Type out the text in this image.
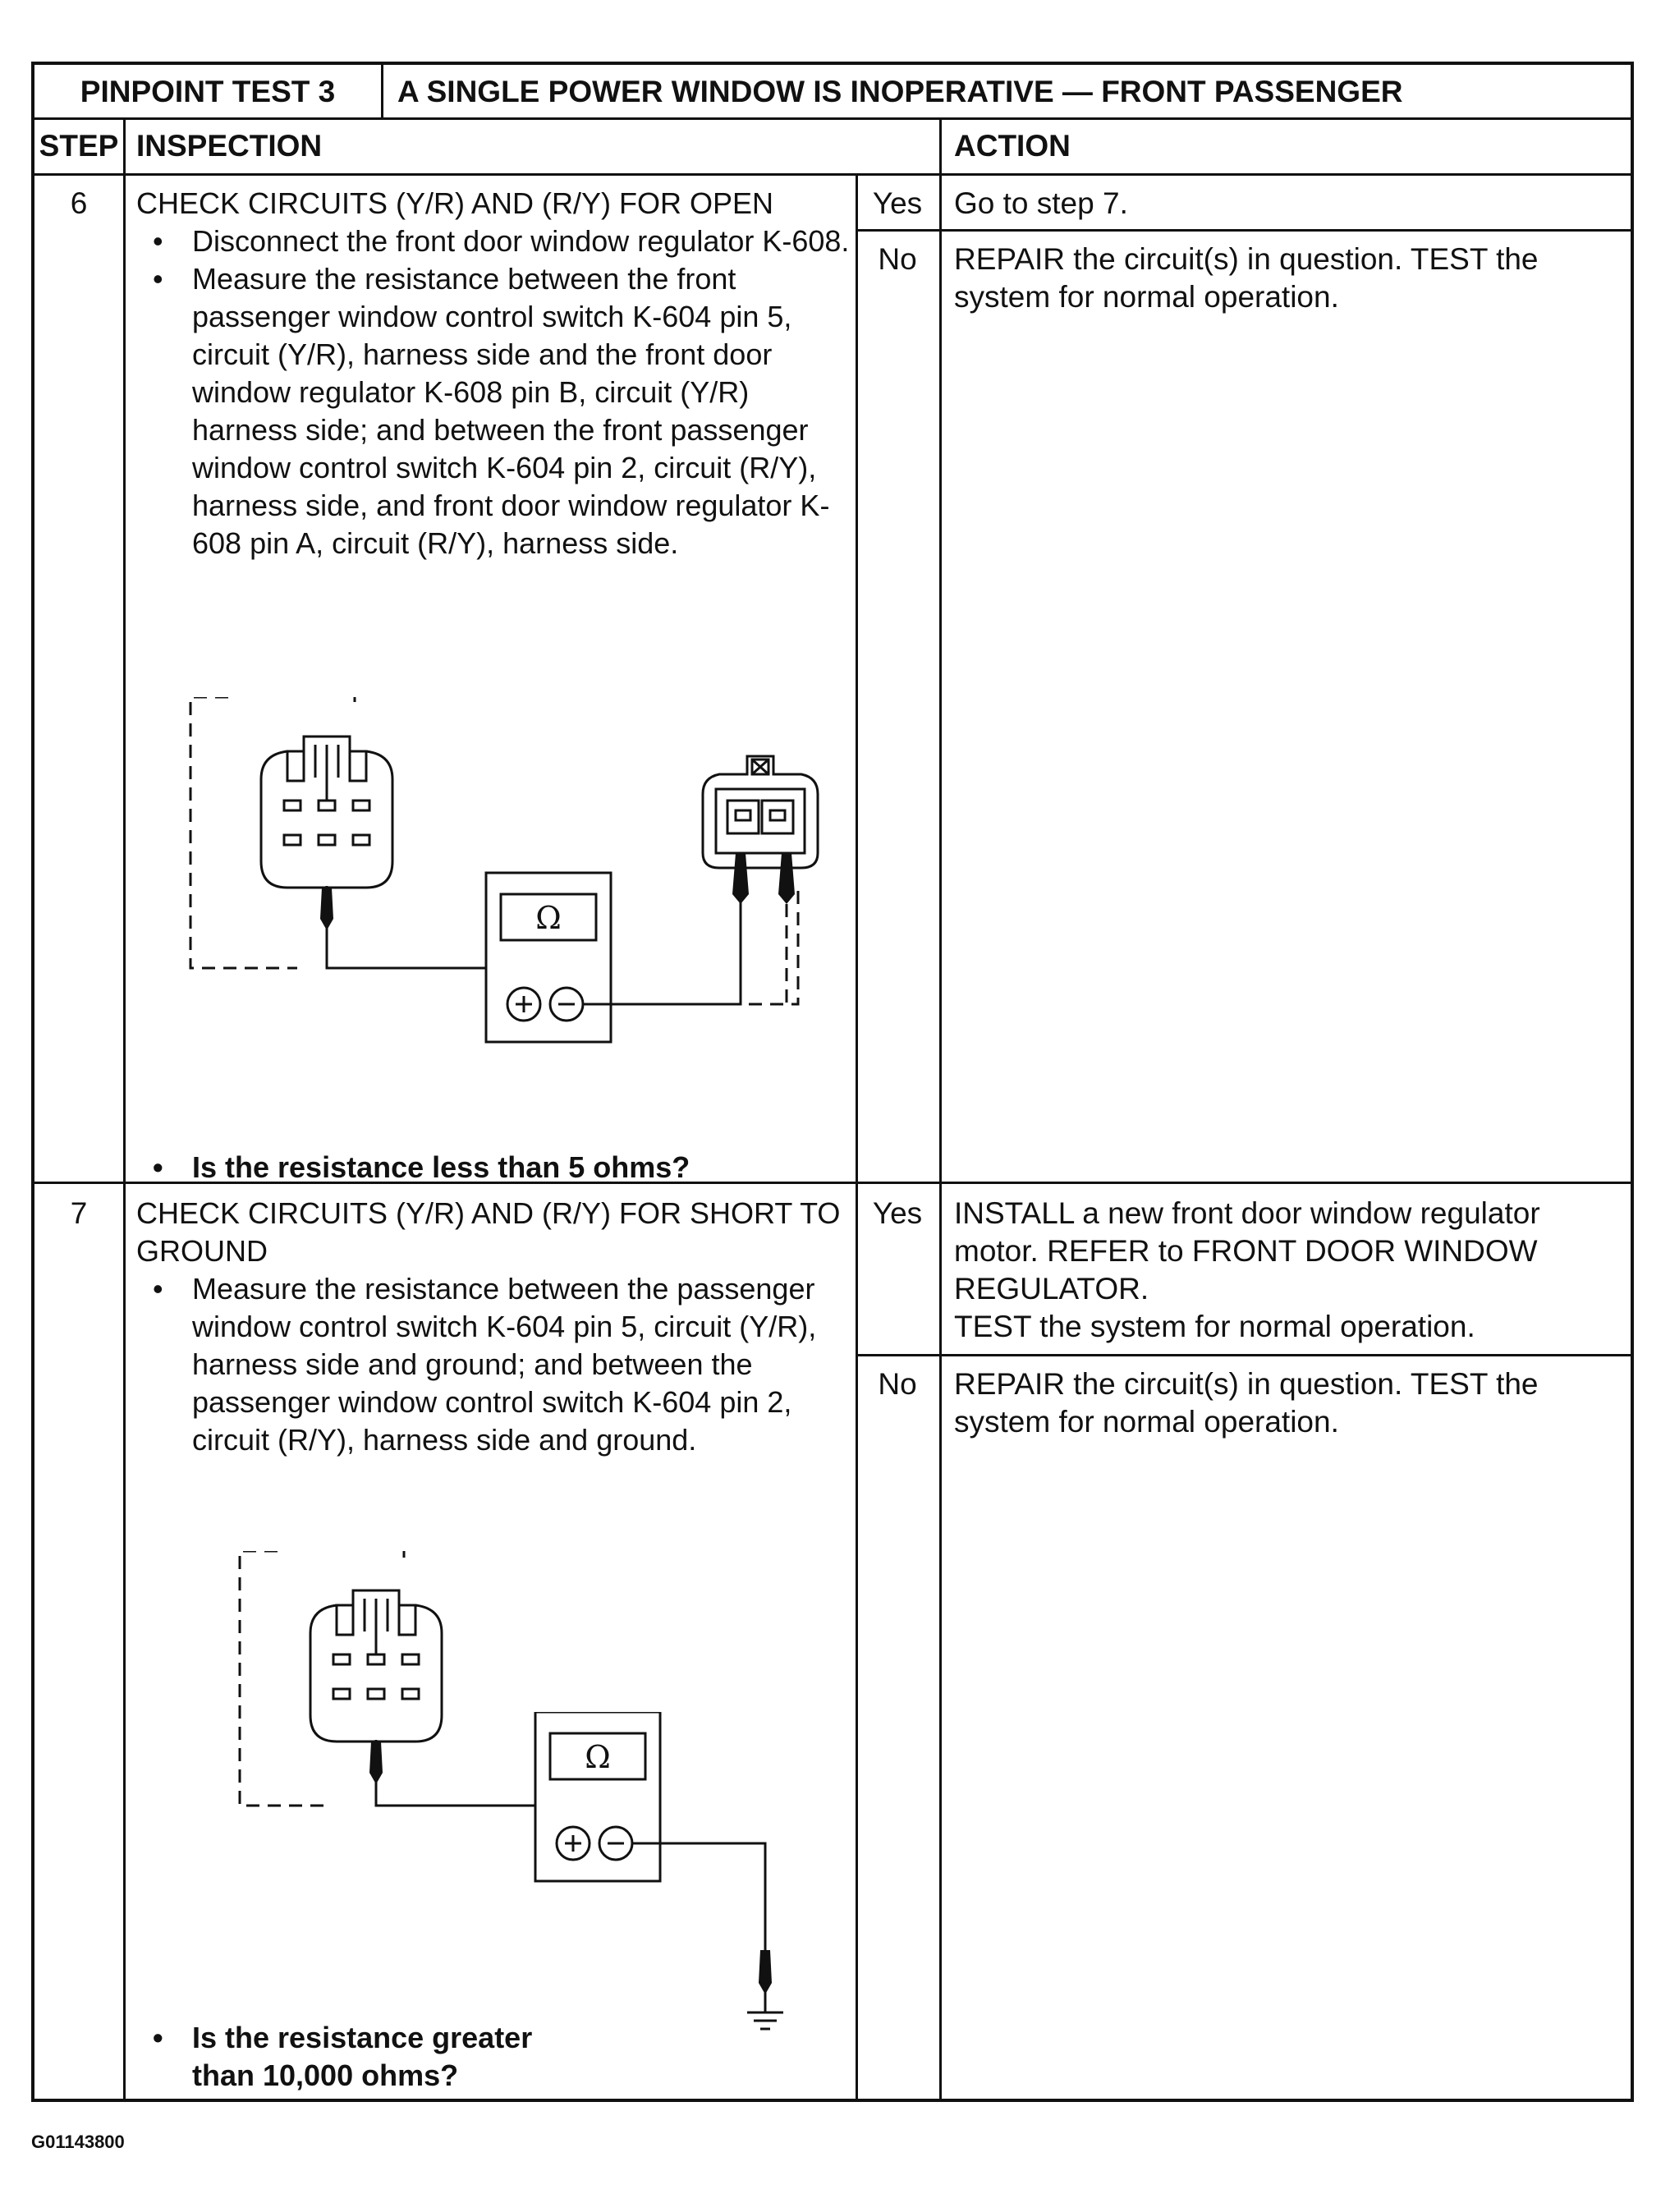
PINPOINT TEST 3	A SINGLE POWER WINDOW IS INOPERATIVE — FRONT PASSENGER
STEP INSPECTION	ACTION
6	CHECK CIRCUITS (Y/R) AND (R/Y) FOR OPEN
• Disconnect the front door window regulator K-608.
• Measure the resistance between the front passenger window control switch K-604 pin 5, circuit (Y/R), harness side and the front door window regulator K-608 pin B, circuit (Y/R) harness side; and between the front passenger window control switch K-604 pin 2, circuit (R/Y), harness side, and front door window regulator K-608 pin A, circuit (R/Y), harness side.
Ω
• Is the resistance less than 5 ohms?
Yes	Go to step 7.
No	REPAIR the circuit(s) in question. TEST the system for normal operation.
7	CHECK CIRCUITS (Y/R) AND (R/Y) FOR SHORT TO GROUND
• Measure the resistance between the passenger window control switch K-604 pin 5, circuit (Y/R), harness side and ground; and between the passenger window control switch K-604 pin 2, circuit (R/Y), harness side and ground.
Ω
• Is the resistance greater than 10,000 ohms?
Yes	INSTALL a new front door window regulator motor. REFER to FRONT DOOR WINDOW REGULATOR.
TEST the system for normal operation.
No	REPAIR the circuit(s) in question. TEST the system for normal operation.
G01143800
